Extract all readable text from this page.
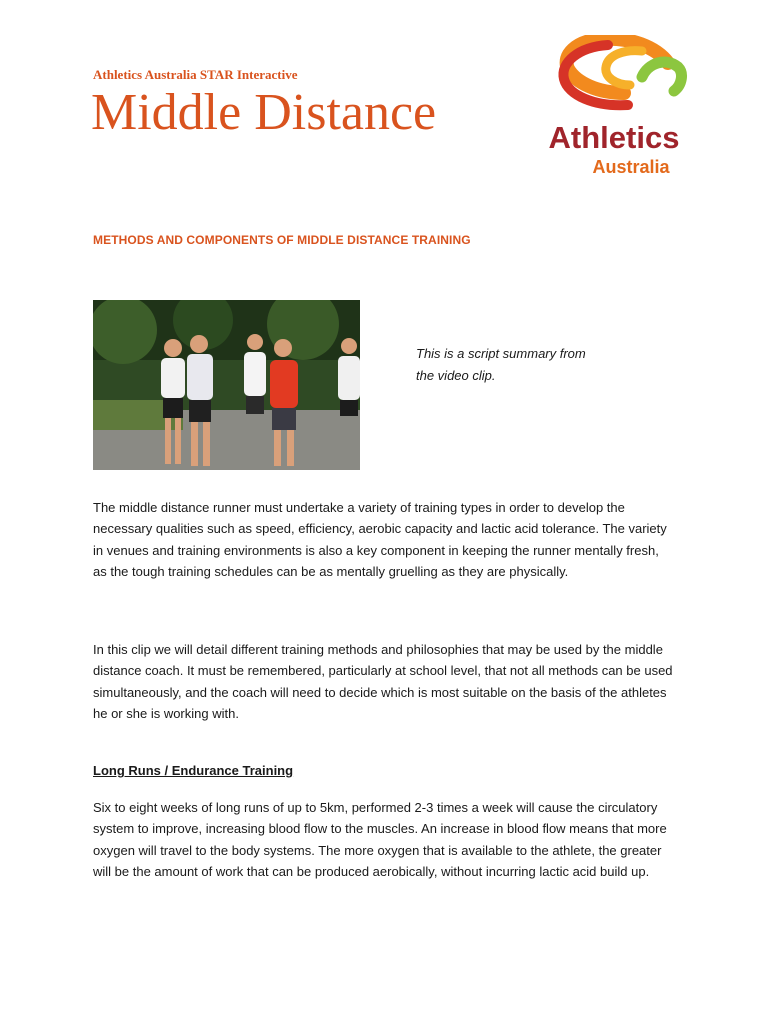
Athletics Australia STAR Interactive
Middle Distance	Athletics
Australia
METHODS AND COMPONENTS OF MIDDLE DISTANCE TRAINING
This is a script summary from
the video clip.

The middle distance runner must undertake a variety of training types in order to develop the necessary qualities such as speed, efficiency, aerobic capacity and lactic acid tolerance. The variety in venues and training environments is also a key component in keeping the runner mentally fresh, as the tough training schedules can be as mentally gruelling as they are physically.

In this clip we will detail different training methods and philosophies that may be used by the middle distance coach. It must be remembered, particularly at school level, that not all methods can be used simultaneously, and the coach will need to decide which is most suitable on the basis of the athletes he or she is working with.

Long Runs / Endurance Training

Six to eight weeks of long runs of up to 5km, performed 2-3 times a week will cause the circulatory system to improve, increasing blood flow to the muscles. An increase in blood flow means that more oxygen will travel to the body systems. The more oxygen that is available to the athlete, the greater will be the amount of work that can be produced aerobically, without incurring lactic acid build up.
